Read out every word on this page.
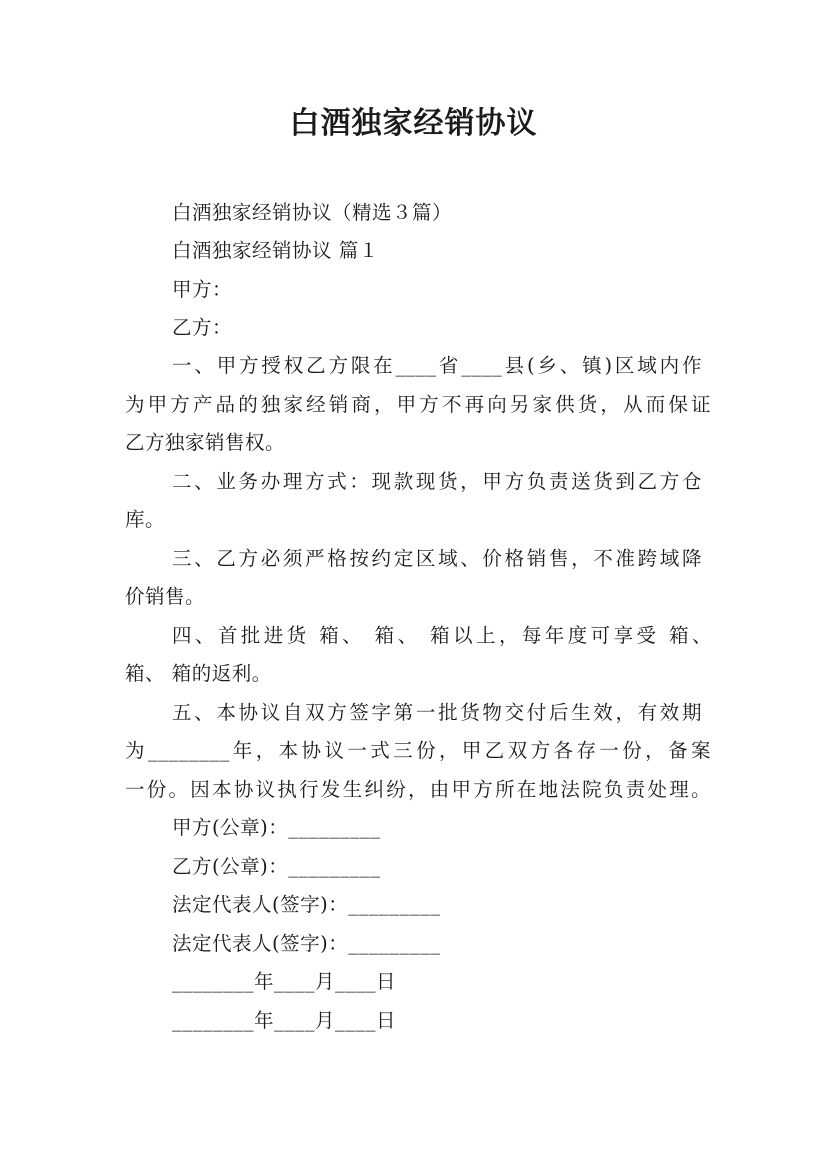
白酒独家经销协议
白酒独家经销协议（精选３篇）
白酒独家经销协议 篇１
甲方：
乙方：
一、甲方授权乙方限在____省____县(乡、镇)区域内作
为甲方产品的独家经销商，甲方不再向另家供货，从而保证
乙方独家销售权。
二、业务办理方式：现款现货，甲方负责送货到乙方仓
库。
三、乙方必须严格按约定区域、价格销售，不准跨域降
价销售。
四、首批进货 箱、 箱、 箱以上，每年度可享受 箱、
箱、 箱的返利。
五、本协议自双方签字第一批货物交付后生效，有效期
为________年，本协议一式三份，甲乙双方各存一份，备案
一份。因本协议执行发生纠纷，由甲方所在地法院负责处理。
甲方(公章)：_________
乙方(公章)：_________
法定代表人(签字)：_________
法定代表人(签字)：_________
________年____月____日
________年____月____日
